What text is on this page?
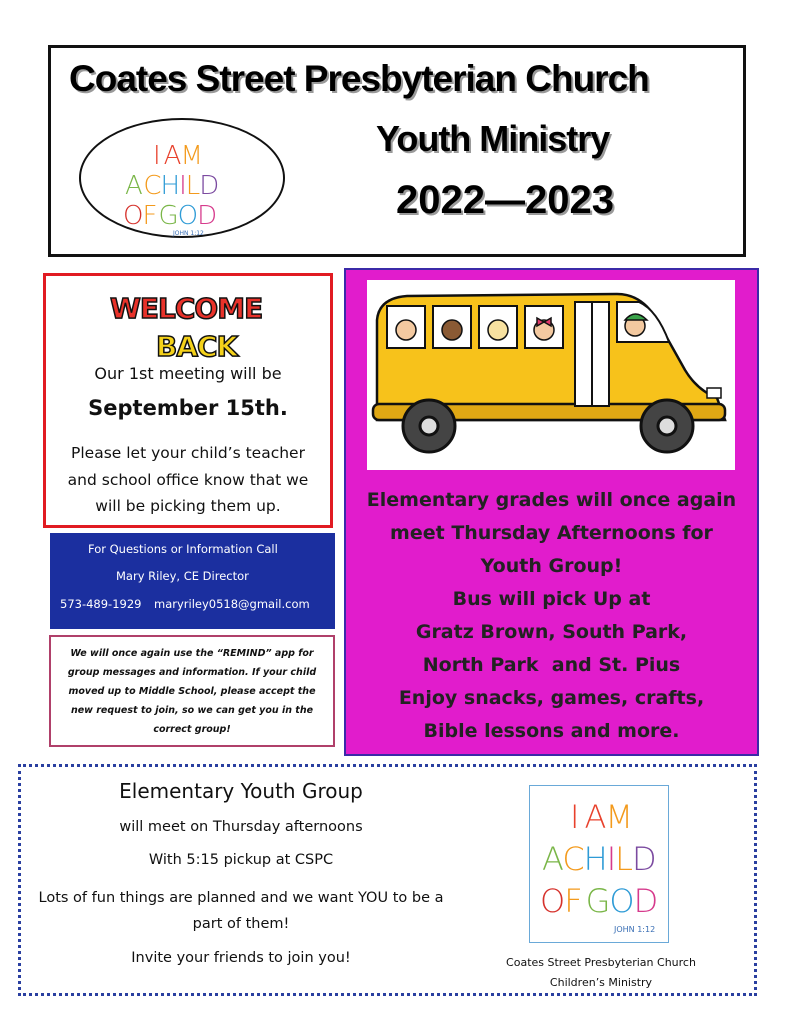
Coates Street Presbyterian Church
Youth Ministry
2022—2023
I AM
ACHILD
OFGOD
JOHN 1:12
WELCOME
BACK
Our 1st meeting will be
September 15th.
Please let your child’s teacher and school office know that we will be picking them up.
For Questions or Information Call
Mary Riley, CE Director
573-489-1929 maryriley0518@gmail.com

We will once again use the “REMIND” app for group messages and information. If your child moved up to Middle School, please accept the new request to join, so we can get you in the correct group!

Elementary grades will once again
meet Thursday Afternoons for
Youth Group!
Bus will pick Up at
Gratz Brown, South Park,
North Park  and St. Pius
Enjoy snacks, games, crafts,
Bible lessons and more.
Elementary Youth Group
will meet on Thursday afternoons
With 5:15 pickup at CSPC
Lots of fun things are planned and we want YOU to be a part of them!
Invite your friends to join you!
I AM
ACHILD
OF GOD
JOHN 1:12
Coates Street Presbyterian Church Children’s Ministry
